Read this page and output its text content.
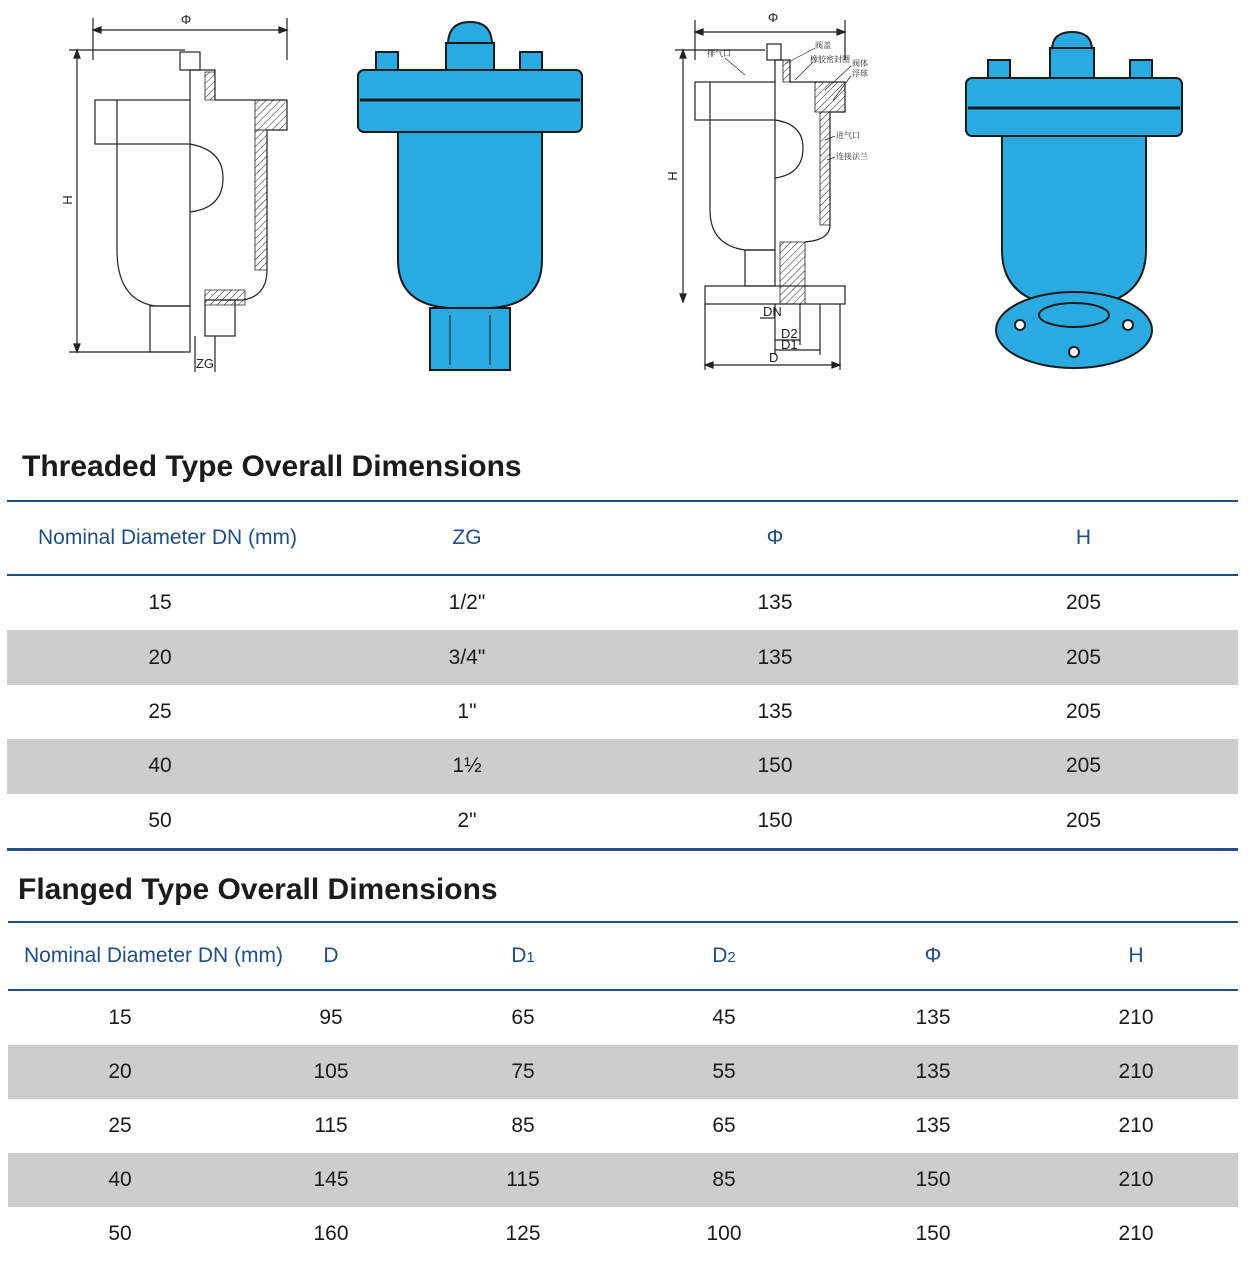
Φ
H
ZG
Φ
H
DN
D2
D1
D
排气口
阀盖
橡胶密封圈 阀体
浮球
进气口
连接法兰
Threaded Type Overall Dimensions
Nominal Diameter DN (mm)	ZG	Φ	H
15	1/2"	135	205
20	3/4"	135	205
25	1"	135	205
40	1½	150	205
50	2"	150	205
Flanged Type Overall Dimensions
Nominal Diameter DN (mm)	D	D1	D2	Φ	H
15	95	65	45	135	210
20	105	75	55	135	210
25	115	85	65	135	210
40	145	115	85	150	210
50	160	125	100	150	210
